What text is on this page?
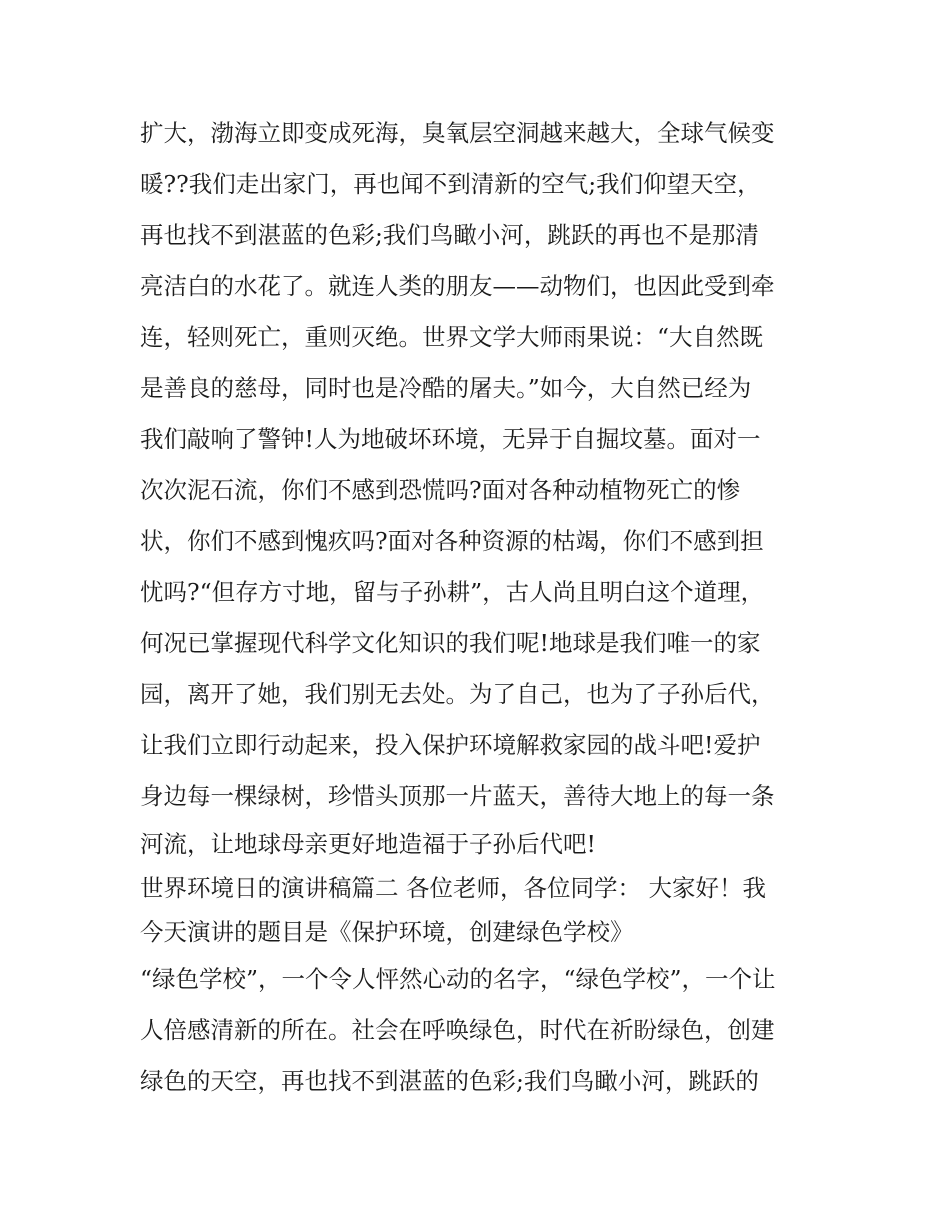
扩大，渤海立即变成死海，臭氧层空洞越来越大，全球气候变
暖??我们走出家门，再也闻不到清新的空气;我们仰望天空，
再也找不到湛蓝的色彩;我们鸟瞰小河，跳跃的再也不是那清
亮洁白的水花了。就连人类的朋友——动物们，也因此受到牵
连，轻则死亡，重则灭绝。世界文学大师雨果说：“大自然既
是善良的慈母，同时也是冷酷的屠夫。”如今，大自然已经为
我们敲响了警钟!人为地破坏环境，无异于自掘坟墓。面对一
次次泥石流，你们不感到恐慌吗?面对各种动植物死亡的惨
状，你们不感到愧疚吗?面对各种资源的枯竭，你们不感到担
忧吗?“但存方寸地，留与子孙耕”，古人尚且明白这个道理，
何况已掌握现代科学文化知识的我们呢!地球是我们唯一的家
园，离开了她，我们别无去处。为了自己，也为了子孙后代，
让我们立即行动起来，投入保护环境解救家园的战斗吧!爱护
身边每一棵绿树，珍惜头顶那一片蓝天，善待大地上的每一条
河流，让地球母亲更好地造福于子孙后代吧!
世界环境日的演讲稿篇二 各位老师，各位同学： 大家好！我
今天演讲的题目是《保护环境，创建绿色学校》
“绿色学校”，一个令人怦然心动的名字，“绿色学校”，一个让
人倍感清新的所在。社会在呼唤绿色，时代在祈盼绿色，创建
绿色的天空，再也找不到湛蓝的色彩;我们鸟瞰小河，跳跃的
